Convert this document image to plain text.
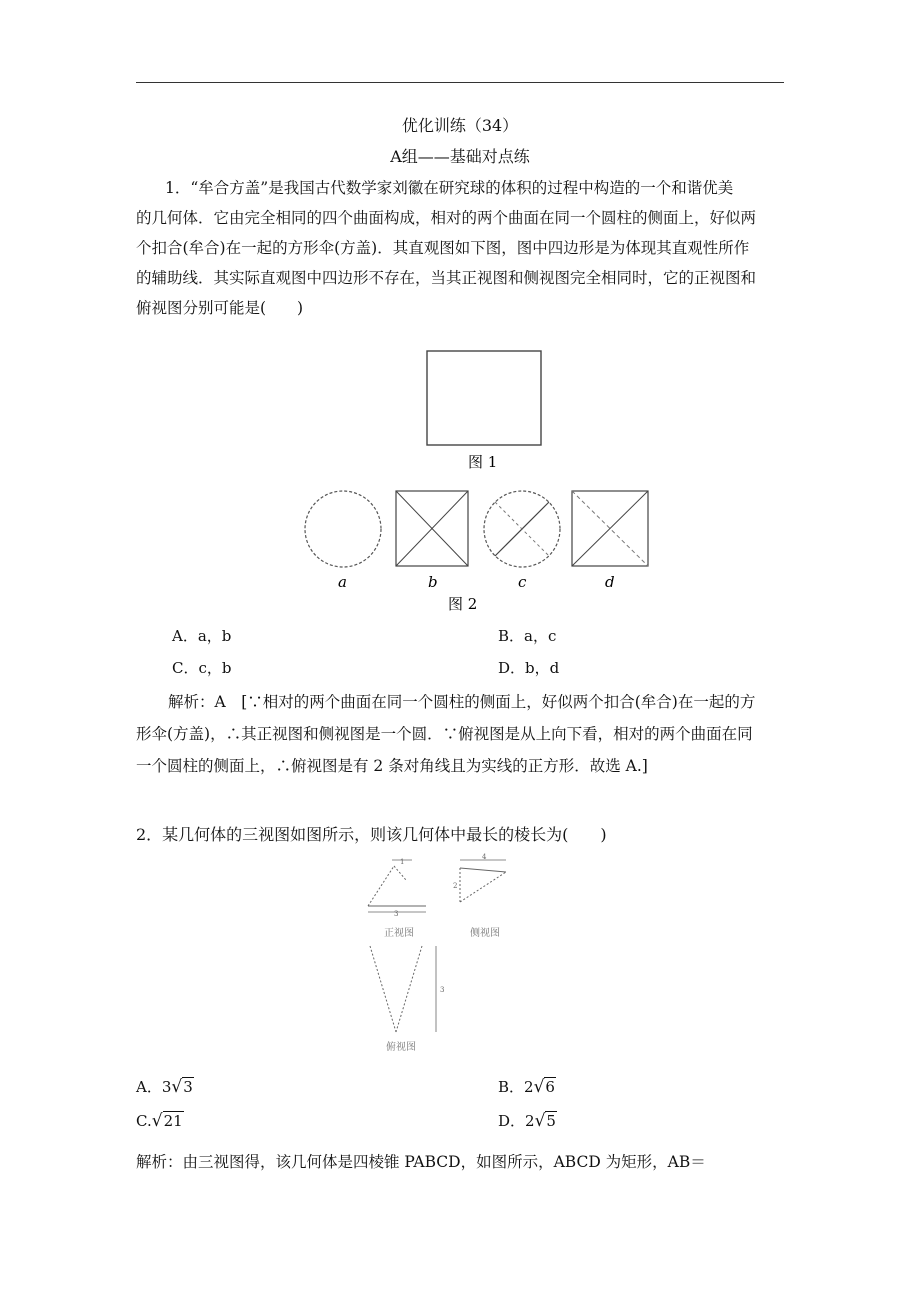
优化训练（34）
A组——基础对点练
1．“牟合方盖”是我国古代数学家刘徽在研究球的体积的过程中构造的一个和谐优美
的几何体．它由完全相同的四个曲面构成，相对的两个曲面在同一个圆柱的侧面上，好似两
个扣合(牟合)在一起的方形伞(方盖)．其直观图如下图，图中四边形是为体现其直观性所作
的辅助线．其实际直观图中四边形不存在，当其正视图和侧视图完全相同时，它的正视图和
俯视图分别可能是(　　)
图 1
a	b	c	d
图 2
A．a，b	B．a，c
C．c，b	D．b，d
解析：A　[∵相对的两个曲面在同一个圆柱的侧面上，好似两个扣合(牟合)在一起的方
形伞(方盖)，∴其正视图和侧视图是一个圆．∵俯视图是从上向下看，相对的两个曲面在同
一个圆柱的侧面上，∴俯视图是有 2 条对角线且为实线的正方形．故选 A.]
2．某几何体的三视图如图所示，则该几何体中最长的棱长为(　　)
1
3
正视图
4
2
侧视图
3
俯视图
A．3√3	B．2√6
C.√21	D．2√5
解析：由三视图得，该几何体是四棱锥 PABCD，如图所示，ABCD 为矩形，AB＝
